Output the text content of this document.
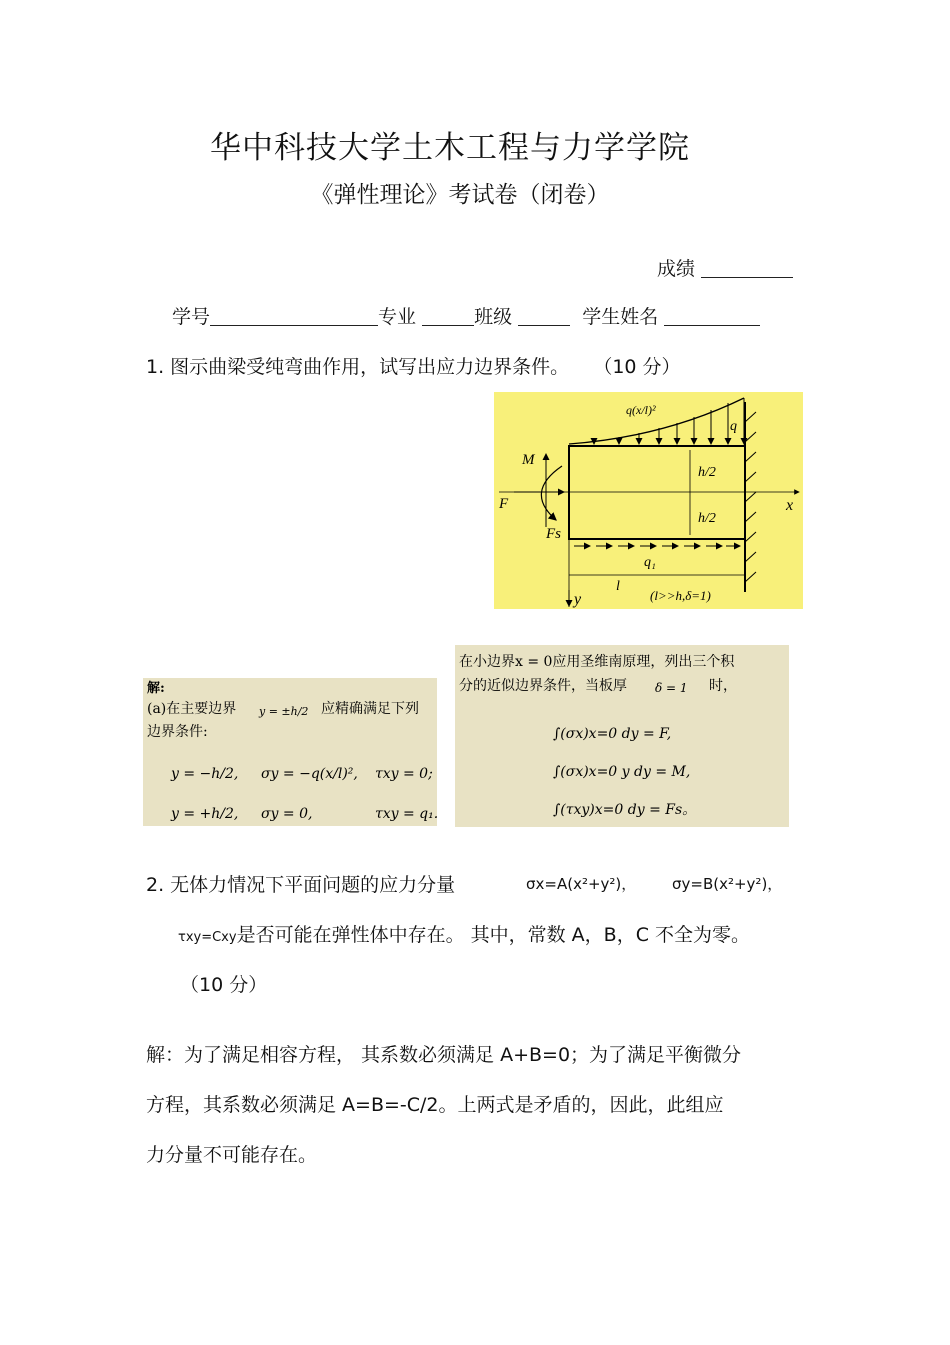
华中科技大学土木工程与力学学院
《弹性理论》考试卷（闭卷）
成绩
学号	专业	班级	学生姓名
1. 图示曲梁受纯弯曲作用，试写出应力边界条件。 （10 分）
q(x/l)²
q
M
F
Fs
h/2
h/2
x
y
q₁
l
(l>>h,δ=1)
解:
(a)在主要边界 y = ±h/2 应精确满足下列
边界条件:
y = −h/2, σy = −q(x/l)², τxy = 0;
y = +h/2, σy = 0,	τxy = q₁.
在小边界x = 0应用圣维南原理，列出三个积
分的近似边界条件，当板厚 δ = 1 时，
∫(σx)x=0 dy = F,
∫(σx)x=0 y dy = M,
∫(τxy)x=0 dy = Fs。
2. 无体力情况下平面问题的应力分量	σx=A(x²+y²)， σy=B(x²+y²)，
τxy=Cxy是否可能在弹性体中存在。 其中，常数 A，B，C 不全为零。
（10 分）
解：为了满足相容方程， 其系数必须满足 A+B=0；为了满足平衡微分
方程，其系数必须满足 A=B=-C/2。上两式是矛盾的，因此，此组应
力分量不可能存在。
